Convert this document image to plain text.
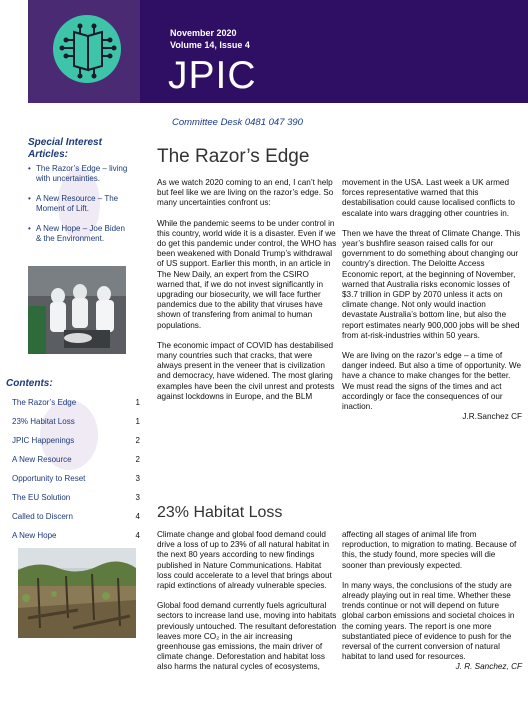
November 2020
Volume 14, Issue 4
JPIC
Committee Desk 0481 047 390
Special Interest Articles:
• The Razor’s Edge – living with uncertainties.
• A New Resource – The Moment of Lift.
• A New Hope – Joe Biden & the Environment.
Contents:
The Razor’s Edge	1
23% Habitat Loss	1
JPIC Happenings	2
A New Resource	2
Opportunity to Reset	3
The EU Solution	3
Called to Discern	4
A New Hope	4
The Razor’s Edge

As we watch 2020 coming to an end, I can’t help but feel like we are living on the razor’s edge. So many uncertainties confront us:

While the pandemic seems to be under control in this country, world wide it is a disaster. Even if we do get this pandemic under control, the WHO has been weakened with Donald Trump’s withdrawal of US support. Earlier this month, in an article in The New Daily, an expert from the CSIRO warned that, if we do not invest significantly in upgrading our biosecurity, we will face further pandemics due to the ability that viruses have shown of transfering from animal to human populations.

The economic impact of COVID has destabilised many countries such that cracks, that were always present in the veneer that is civilization and democracy, have widened. The most glaring examples have been the civil unrest and protests against lockdowns in Europe, and the BLM

movement in the USA. Last week a UK armed forces representative warned that this destabilisation could cause localised conflicts to escalate into wars dragging other countries in.

Then we have the threat of Climate Change. This year’s bushfire season raised calls for our government to do something about changing our country’s direction. The Deloitte Access Economic report, at the beginning of November, warned that Australia risks economic losses of $3.7 trillion in GDP by 2070 unless it acts on climate change. Not only would inaction devastate Australia’s bottom line, but also the report estimates nearly 900,000 jobs will be shed from at-risk-industries within 50 years.

We are living on the razor’s edge – a time of danger indeed. But also a time of opportunity. We have a chance to make changes for the better. We must read the signs of the times and act accordingly or face the consequences of our inaction.

J.R.Sanchez CF
23% Habitat Loss

Climate change and global food demand could drive a loss of up to 23% of all natural habitat in the next 80 years according to new findings published in Nature Communications. Habitat loss could accelerate to a level that brings about rapid extinctions of already vulnerable species.

Global food demand currently fuels agricultural sectors to increase land use, moving into habitats previously untouched. The resultant deforestation leaves more CO₂ in the air increasing greenhouse gas emissions, the main driver of climate change. Deforestation and habitat loss also harms the natural cycles of ecosystems,

affecting all stages of animal life from reproduction, to migration to mating. Because of this, the study found, more species will die sooner than previously expected.

In many ways, the conclusions of the study are already playing out in real time. Whether these trends continue or not will depend on future global carbon emissions and societal choices in the coming years. The report is one more substantiated piece of evidence to push for the reversal of the current conversion of natural habitat to land used for resources.

J. R. Sanchez, CF
